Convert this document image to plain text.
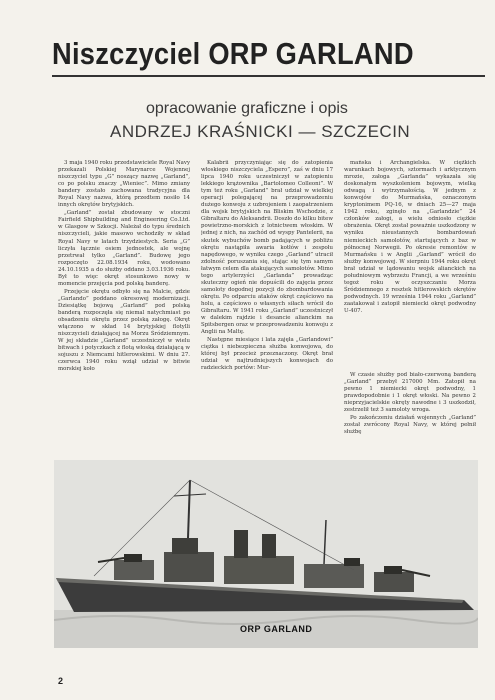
Niszczyciel ORP GARLAND
opracowanie graficzne i opis
ANDRZEJ KRAŚNICKI — SZCZECIN

3 maja 1940 roku przedstawiciele Royal Navy przekazali Polskiej Marynarce Wojennej niszczyciel typu „G” noszący nazwę „Garland”, co po polsku znaczy „Wieniec”. Mimo zmiany bandery zostało zachowana tradycyjna dla Royal Navy nazwa, którą przedtem nosiło 14 innych okrętów brytyjskich.

„Garland” został zbudowany w stoczni Fairfield Shipbuilding and Engineering Co.Ltd. w Glasgow w Szkocji. Należał do typu średnich niszczycieli, jakie masowo wchodziły w skład Royal Navy w latach trzydziestych. Seria „G” liczyła łącznie osiem jednostek, ale wojnę przetrwał tylko „Garland”. Budowę jego rozpoczęto 22.08.1934 roku, wodowano 24.10.1935 a do służby oddano 3.03.1936 roku. Był to więc okręt stosunkowo nowy w momencie przejęcia pod polską banderę.

Przejęcie okrętu odbyło się na Malcie, gdzie „Garlando” poddano okresowej modernizacji. Dziesiątkę bojową „Garland” pod polską banderą rozpoczęła się niemal natychmiast po obsadzeniu okrętu przez polską załogę. Okręt włączono w skład 14 brytyjskiej flotylli niszczycieli działającej na Morzu Śródziemnym. W jej składzie „Garland” uczestniczył w wielu bitwach i potyczkach z flotą włoską działającą w sojuszu z Niemcami hitlerowskimi. W dniu 27. czerwca 1940 roku wziął udział w bitwie morskiej koło

Kalabrii przyczyniając się do zatopienia włoskiego niszczyciela „Espero”, zaś w dniu 17 lipca 1940 roku uczestniczył w zatopieniu lekkiego krążownika „Bartolomeo Colleoni”. W tym też roku „Garland” brał udział w wielkiej operacji polegającej na przeprowadzeniu dużego konwoju z uzbrojeniem i zaopatrzeniem dla wojsk brytyjskich na Bliskim Wschodzie, z Gibraltaru do Aleksandrii. Doszło do kilku bitew powietrzno-morskich z lotnictwem włoskim. W jednej z nich, na zachód od wyspy Pantelerii, na skutek wybuchów bomb padających w pobliżu okrętu nastąpiła awaria kotłów i zespołu napędowego, w wyniku czego „Garland” utracił zdolność poruszania się, stając się tym samym łatwym celem dla atakujących samolotów. Mimo tego artylerzyści „Garlanda” prowadząc skuteczny ogień nie dopuścili do zajęcia przez samoloty dogodnej pozycji do zbombardowania okrętu. Po odparciu ataków okręt częściowo na holu, a częściowo o własnych siłach wrócił do Gibraltaru. W 1941 roku „Garland” uczestniczył w dalekim rajdzie i desancie alianckim na Spitsbergen oraz w przeprowadzeniu konwoju z Anglii na Maltę.

Następne miesiące i lata zajęła „Garlandowi” ciężka i niebezpieczna służba konwojowa, do której był przecież przeznaczony. Okręt brał udział w najtrudniejszych konwojach do radzieckich portów: Mur-

mańska i Archangielska. W ciężkich warunkach bojowych, sztormach i arktycznym mrozie, załoga „Garlanda” wykazała się doskonałym wyszkoleniem bojowym, wielką odwagą i wytrzymałością. W jednym z konwojów do Murmańska, oznaczonym kryptonimem PQ-16, w dniach 25—27 maja 1942 roku, zginęło na „Garlandzie” 24 członków załogi, a wielu odniosło ciężkie obrażenia. Okręt został poważnie uszkodzony w wyniku nieustannych bombardowań niemieckich samolotów, startujących z baz w północnej Norwegii. Po okresie remontów w Murmańsku i w Anglii „Garland” wrócił do służby konwojowej. W sierpniu 1944 roku okręt brał udział w lądowaniu wojsk alianckich na południowym wybrzeżu Francji, a we wrześniu tegoż roku w oczyszczaniu Morza Śródziemnego z resztek hitlerowskich okrętów podwodnych. 19 września 1944 roku „Garland” zaatakował i zatopił niemiecki okręt podwodny U-407.

W czasie służby pod biało-czerwoną banderą „Garland” przebył 217000 Mm. Zatopił na pewno 1 niemiecki okręt podwodny, 1 prawdopodobnie i 1 okręt włoski. Na pewno 2 nieprzyjacielskie okręty nawodne i 3 uszkodził, zestrzelił też 3 samoloty wroga.

Po zakończeniu działań wojennych „Garland” został zwrócony Royal Navy, w której pełnił służbę

ORP GARLAND
2
